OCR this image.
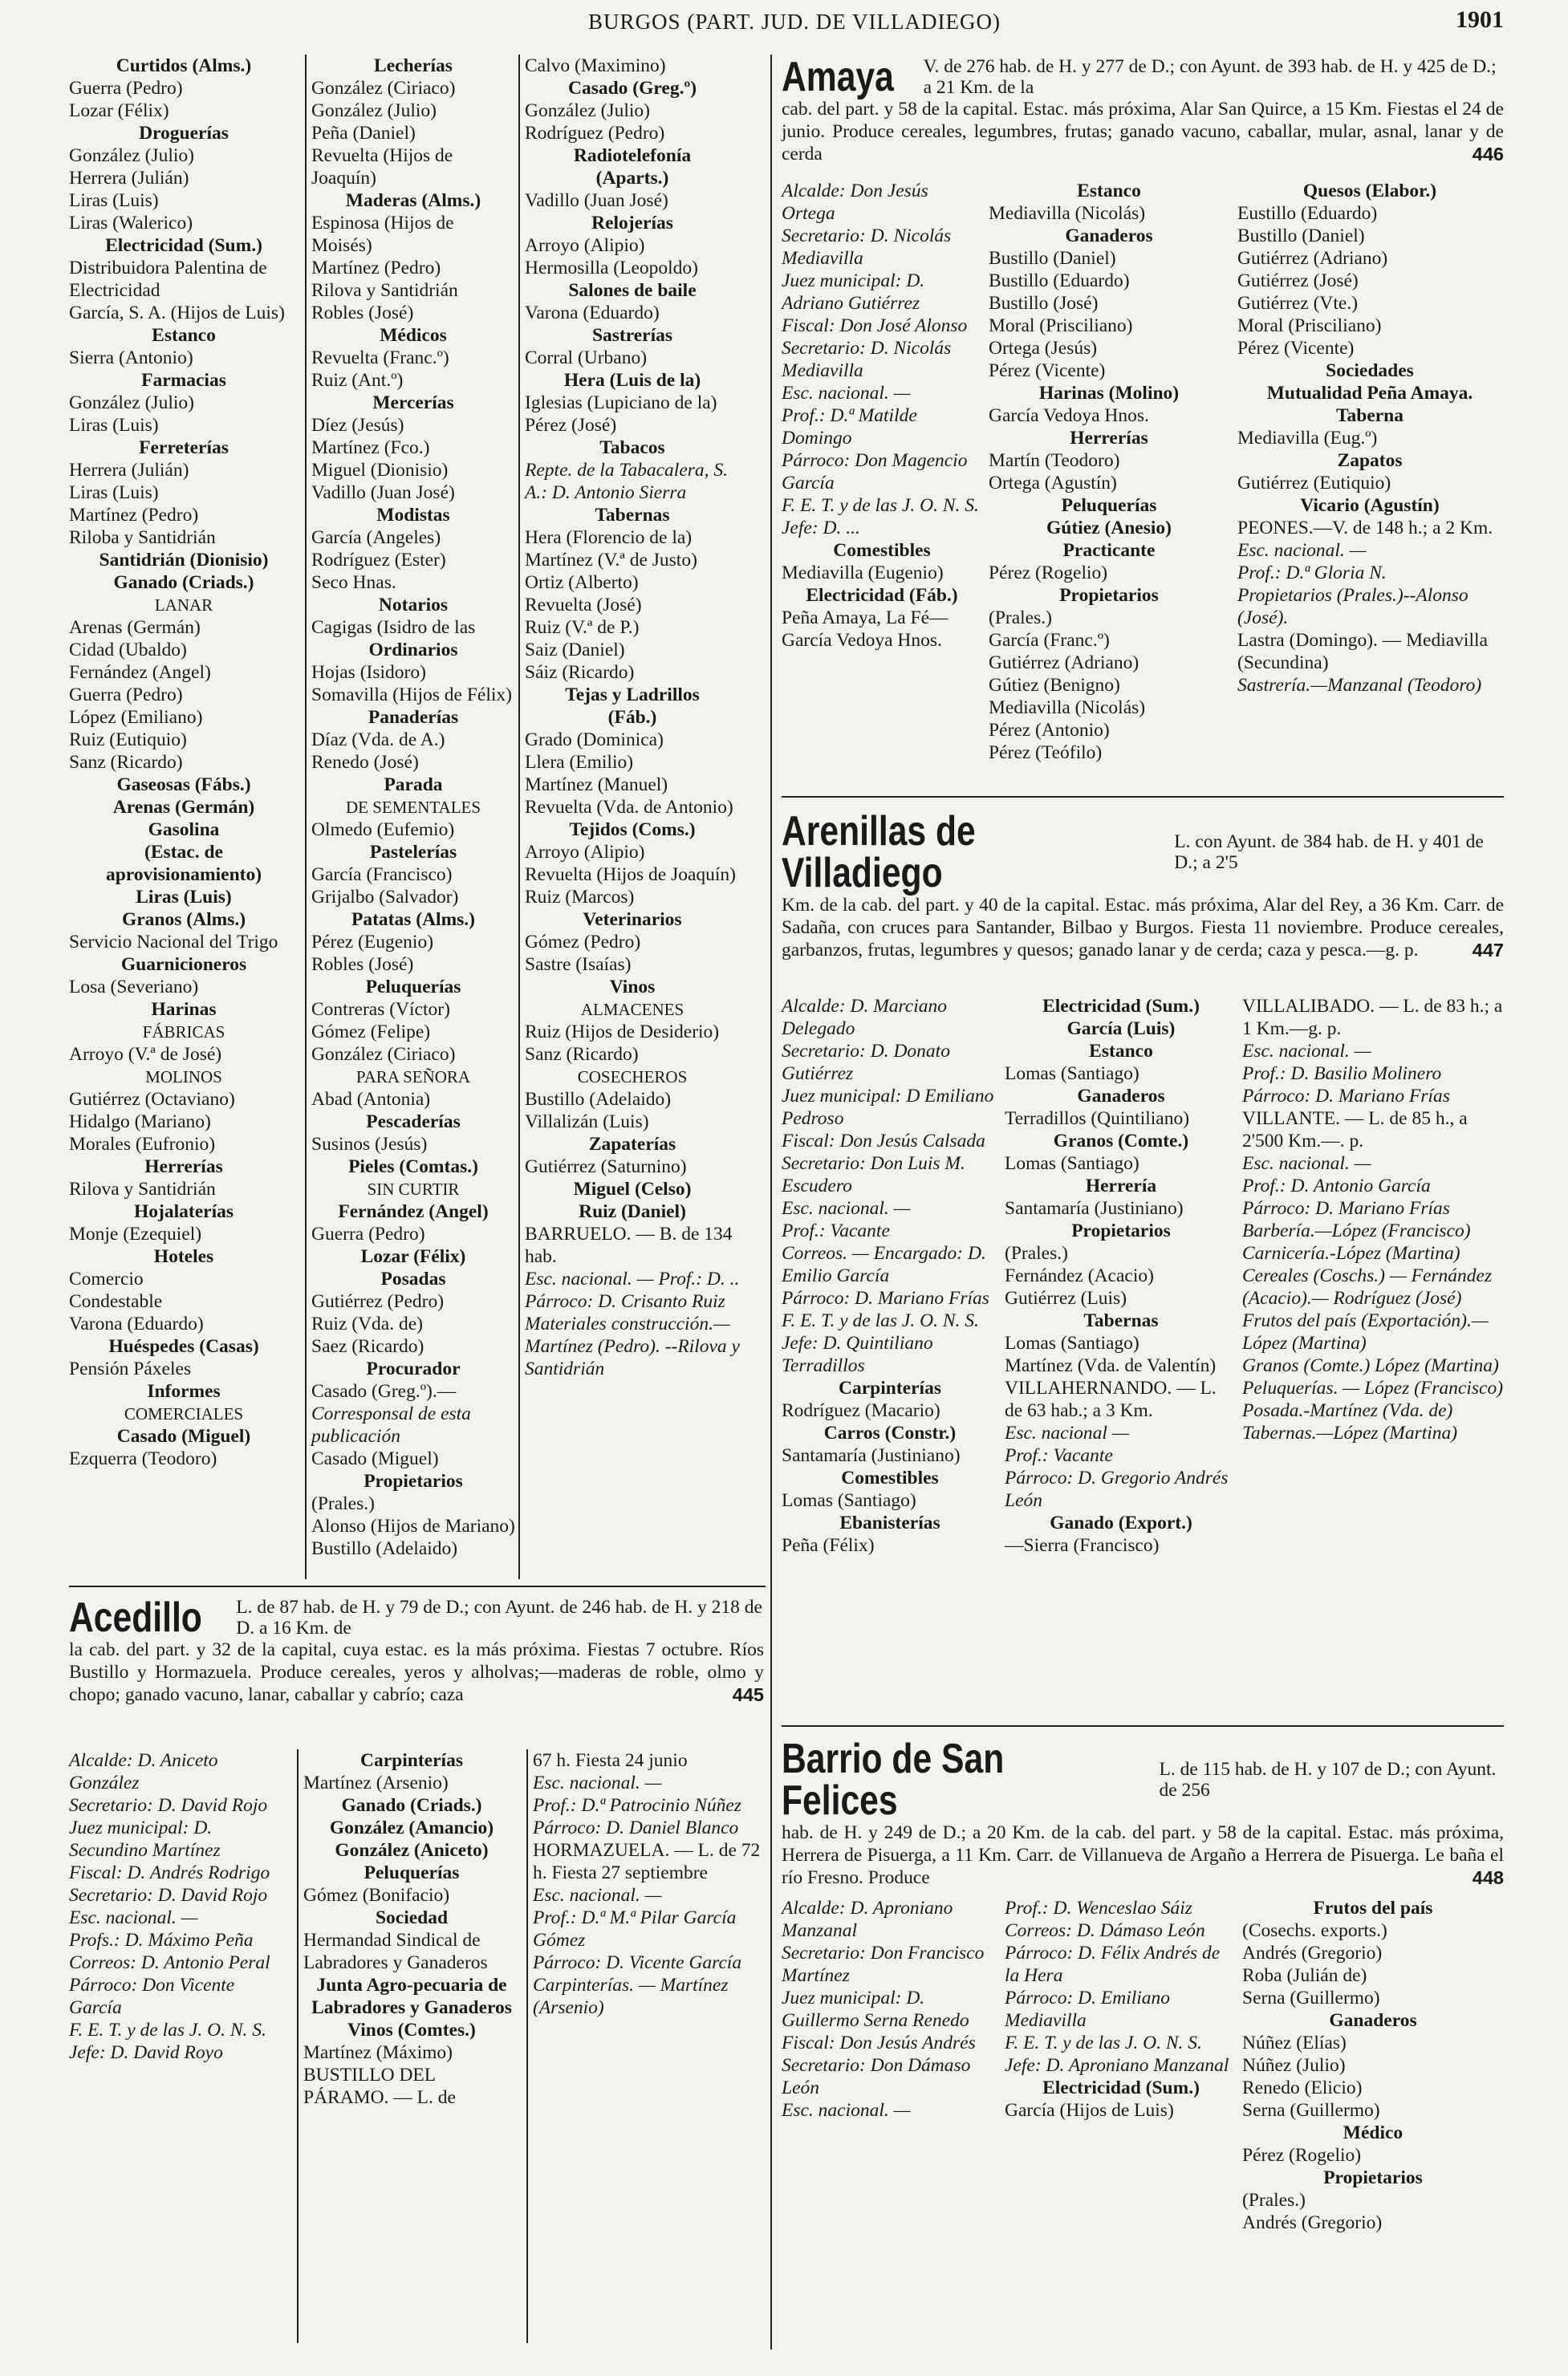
BURGOS (PART. JUD. DE VILLADIEGO)	1901
Curtidos (Alms.)
Guerra (Pedro)
Lozar (Félix)
Droguerías
González (Julio)
Herrera (Julián)
Liras (Luis)
Liras (Walerico)
Electricidad (Sum.)
Distribuidora Palentina de Electricidad
García, S. A. (Hijos de Luis)
Estanco
Sierra (Antonio)
Farmacias
González (Julio)
Liras (Luis)
Ferreterías
Herrera (Julián)
Liras (Luis)
Martínez (Pedro)
Riloba y Santidrián
Santidrián (Dionisio)
Ganado (Criads.)
LANAR
Arenas (Germán)
Cidad (Ubaldo)
Fernández (Angel)
Guerra (Pedro)
López (Emiliano)
Ruiz (Eutiquio)
Sanz (Ricardo)
Gaseosas (Fábs.)
Arenas (Germán)
Gasolina
(Estac. de aprovisionamiento)
Liras (Luis)
Granos (Alms.)
Servicio Nacional del Trigo
Guarnicioneros
Losa (Severiano)
Harinas
FÁBRICAS
Arroyo (V.ª de José)
MOLINOS
Gutiérrez (Octaviano)
Hidalgo (Mariano)
Morales (Eufronio)
Herrerías
Rilova y Santidrián
Hojalaterías
Monje (Ezequiel)
Hoteles
Comercio
Condestable
Varona (Eduardo)
Huéspedes (Casas)
Pensión Páxeles
Informes
COMERCIALES
Casado (Miguel)
Ezquerra (Teodoro)
Lecherías
González (Ciriaco)
González (Julio)
Peña (Daniel)
Revuelta (Hijos de Joaquín)
Maderas (Alms.)
Espinosa (Hijos de Moisés)
Martínez (Pedro)
Rilova y Santidrián
Robles (José)
Médicos
Revuelta (Franc.º)
Ruiz (Ant.º)
Mercerías
Díez (Jesús)
Martínez (Fco.)
Miguel (Dionisio)
Vadillo (Juan José)
Modistas
García (Angeles)
Rodríguez (Ester)
Seco Hnas.
Notarios
Cagigas (Isidro de las
Ordinarios
Hojas (Isidoro)
Somavilla (Hijos de Félix)
Panaderías
Díaz (Vda. de A.)
Renedo (José)
Parada
DE SEMENTALES
Olmedo (Eufemio)
Pastelerías
García (Francisco)
Grijalbo (Salvador)
Patatas (Alms.)
Pérez (Eugenio)
Robles (José)
Peluquerías
Contreras (Víctor)
Gómez (Felipe)
González (Ciriaco)
PARA SEÑORA
Abad (Antonia)
Pescaderías
Susinos (Jesús)
Pieles (Comtas.)
SIN CURTIR
Fernández (Angel)
Guerra (Pedro)
Lozar (Félix)
Posadas
Gutiérrez (Pedro)
Ruiz (Vda. de)
Saez (Ricardo)
Procurador
Casado (Greg.º).—
Corresponsal de esta publicación
Casado (Miguel)
Propietarios
(Prales.)
Alonso (Hijos de Mariano)
Bustillo (Adelaido)
Calvo (Maximino)
Casado (Greg.º)
González (Julio)
Rodríguez (Pedro)
Radiotelefonía
(Aparts.)
Vadillo (Juan José)
Relojerías
Arroyo (Alipio)
Hermosilla (Leopoldo)
Salones de baile
Varona (Eduardo)
Sastrerías
Corral (Urbano)
Hera (Luis de la)
Iglesias (Lupiciano de la)
Pérez (José)
Tabacos
Repte. de la Tabacalera, S. A.: D. Antonio Sierra
Tabernas
Hera (Florencio de la)
Martínez (V.ª de Justo)
Ortiz (Alberto)
Revuelta (José)
Ruiz (V.ª de P.)
Saiz (Daniel)
Sáiz (Ricardo)
Tejas y Ladrillos
(Fáb.)
Grado (Dominica)
Llera (Emilio)
Martínez (Manuel)
Revuelta (Vda. de Antonio)
Tejidos (Coms.)
Arroyo (Alipio)
Revuelta (Hijos de Joaquín)
Ruiz (Marcos)
Veterinarios
Gómez (Pedro)
Sastre (Isaías)
Vinos
ALMACENES
Ruiz (Hijos de Desiderio)
Sanz (Ricardo)
COSECHEROS
Bustillo (Adelaido)
Villalizán (Luis)
Zapaterías
Gutiérrez (Saturnino)
Miguel (Celso)
Ruiz (Daniel)
BARRUELO. — B. de 134 hab.
Esc. nacional. — Prof.: D. ..
Párroco: D. Crisanto Ruiz
Materiales construcción.—Martínez (Pedro). --Rilova y Santidrián
Amaya V. de 276 hab. de H. y 277 de D.; con Ayunt. de 393 hab. de H. y 425 de D.; a 21 Km. de la
cab. del part. y 58 de la capital. Estac. más próxima, Alar San Quirce, a 15 Km. Fiestas el 24 de junio. Produce cereales, legumbres, frutas; ganado vacuno, caballar, mular, asnal, lanar y de cerda	446
Alcalde: Don Jesús Ortega
Secretario: D. Nicolás Mediavilla
Juez municipal: D. Adriano Gutiérrez
Fiscal: Don José Alonso
Secretario: D. Nicolás Mediavilla
Esc. nacional. —
Prof.: D.ª Matilde Domingo
Párroco: Don Magencio García
F. E. T. y de las J. O. N. S.
Jefe: D. ...
Comestibles
Mediavilla (Eugenio)
Electricidad (Fáb.)
Peña Amaya, La Fé—García Vedoya Hnos.
Estanco
Mediavilla (Nicolás)
Ganaderos
Bustillo (Daniel)
Bustillo (Eduardo)
Bustillo (José)
Moral (Prisciliano)
Ortega (Jesús)
Pérez (Vicente)
Harinas (Molino)
García Vedoya Hnos.
Herrerías
Martín (Teodoro)
Ortega (Agustín)
Peluquerías
Gútiez (Anesio)
Practicante
Pérez (Rogelio)
Propietarios
(Prales.)
García (Franc.º)
Gutiérrez (Adriano)
Gútiez (Benigno)
Mediavilla (Nicolás)
Pérez (Antonio)
Pérez (Teófilo)
Quesos (Elabor.)
Eustillo (Eduardo)
Bustillo (Daniel)
Gutiérrez (Adriano)
Gutiérrez (José)
Gutiérrez (Vte.)
Moral (Prisciliano)
Pérez (Vicente)
Sociedades
Mutualidad Peña Amaya.
Taberna
Mediavilla (Eug.º)
Zapatos
Gutiérrez (Eutiquio)
Vicario (Agustín)
PEONES.—V. de 148 h.; a 2 Km.
Esc. nacional. —
Prof.: D.ª Gloria N.
Propietarios (Prales.)--Alonso (José).
Lastra (Domingo). — Mediavilla (Secundina)
Sastrería.—Manzanal (Teodoro)
Arenillas de Villadiego
L. con Ayunt. de 384 hab. de H. y 401 de D.; a 2'5
Km. de la cab. del part. y 40 de la capital. Estac. más próxima, Alar del Rey, a 36 Km. Carr. de Sadaña, con cruces para Santander, Bilbao y Burgos. Fiesta 11 noviembre. Produce cereales, garbanzos, frutas, legumbres y quesos; ganado lanar y de cerda; caza y pesca.—g. p.	447
Alcalde: D. Marciano Delegado
Secretario: D. Donato Gutiérrez
Juez municipal: D Emiliano Pedroso
Fiscal: Don Jesús Calsada
Secretario: Don Luis M. Escudero
Esc. nacional. —
Prof.: Vacante
Correos. — Encargado: D. Emilio García
Párroco: D. Mariano Frías
F. E. T. y de las J. O. N. S.
Jefe: D. Quintiliano Terradillos
Carpinterías
Rodríguez (Macario)
Carros (Constr.)
Santamaría (Justiniano)
Comestibles
Lomas (Santiago)
Ebanisterías
Peña (Félix)
Electricidad (Sum.)
García (Luis)
Estanco
Lomas (Santiago)
Ganaderos
Terradillos (Quintiliano)
Granos (Comte.)
Lomas (Santiago)
Herrería
Santamaría (Justiniano)
Propietarios
(Prales.)
Fernández (Acacio)
Gutiérrez (Luis)
Tabernas
Lomas (Santiago)
Martínez (Vda. de Valentín)
VILLAHERNANDO. — L. de 63 hab.; a 3 Km.
Esc. nacional —
Prof.: Vacante
Párroco: D. Gregorio Andrés León
Ganado (Export.)
—Sierra (Francisco)
VILLALIBADO. — L. de 83 h.; a 1 Km.—g. p.
Esc. nacional. —
Prof.: D. Basilio Molinero
Párroco: D. Mariano Frías
VILLANTE. — L. de 85 h., a 2'500 Km.—. p.
Esc. nacional. —
Prof.: D. Antonio García
Párroco: D. Mariano Frías
Barbería.—López (Francisco)
Carnicería.-López (Martina)
Cereales (Coschs.) — Fernández (Acacio).— Rodríguez (José)
Frutos del país (Exportación).— López (Martina)
Granos (Comte.) López (Martina)
Peluquerías. — López (Francisco)
Posada.-Martínez (Vda. de)
Tabernas.—López (Martina)
Barrio de San Felices
L. de 115 hab. de H. y 107 de D.; con Ayunt. de 256
hab. de H. y 249 de D.; a 20 Km. de la cab. del part. y 58 de la capital. Estac. más próxima, Herrera de Pisuerga, a 11 Km. Carr. de Villanueva de Argaño a Herrera de Pisuerga. Le baña el río Fresno. Produce	448
Alcalde: D. Aproniano Manzanal
Secretario: Don Francisco Martínez
Juez municipal: D. Guillermo Serna Renedo
Fiscal: Don Jesús Andrés
Secretario: Don Dámaso León
Esc. nacional. —
Prof.: D. Wenceslao Sáiz
Correos: D. Dámaso León
Párroco: D. Félix Andrés de la Hera
Párroco: D. Emiliano Mediavilla
F. E. T. y de las J. O. N. S.
Jefe: D. Aproniano Manzanal
Electricidad (Sum.)
García (Hijos de Luis)
Frutos del país
(Cosechs. exports.)
Andrés (Gregorio)
Roba (Julián de)
Serna (Guillermo)
Ganaderos
Núñez (Elías)
Núñez (Julio)
Renedo (Elicio)
Serna (Guillermo)
Médico
Pérez (Rogelio)
Propietarios
(Prales.)
Andrés (Gregorio)
Acedillo L. de 87 hab. de H. y 79 de D.; con Ayunt. de 246 hab. de H. y 218 de D. a 16 Km. de
la cab. del part. y 32 de la capital, cuya estac. es la más próxima. Fiestas 7 octubre. Ríos Bustillo y Hormazuela. Produce cereales, yeros y alholvas;—maderas de roble, olmo y chopo; ganado vacuno, lanar, caballar y cabrío; caza	445
Alcalde: D. Aniceto González
Secretario: D. David Rojo
Juez municipal: D. Secundino Martínez
Fiscal: D. Andrés Rodrigo
Secretario: D. David Rojo
Esc. nacional. —
Profs.: D. Máximo Peña
Correos: D. Antonio Peral
Párroco: Don Vicente García
F. E. T. y de las J. O. N. S.
Jefe: D. David Royo
Carpinterías
Martínez (Arsenio)
Ganado (Criads.)
González (Amancio)
González (Aniceto)
Peluquerías
Gómez (Bonifacio)
Sociedad
Hermandad Sindical de Labradores y Ganaderos
Junta Agro-pecuaria de Labradores y Ganaderos
Vinos (Comtes.)
Martínez (Máximo)
BUSTILLO DEL PÁRAMO. — L. de
67 h. Fiesta 24 junio
Esc. nacional. —
Prof.: D.ª Patrocinio Núñez
Párroco: D. Daniel Blanco
HORMAZUELA. — L. de 72 h. Fiesta 27 septiembre
Esc. nacional. —
Prof.: D.ª M.ª Pilar García Gómez
Párroco: D. Vicente García
Carpinterías. — Martínez (Arsenio)
